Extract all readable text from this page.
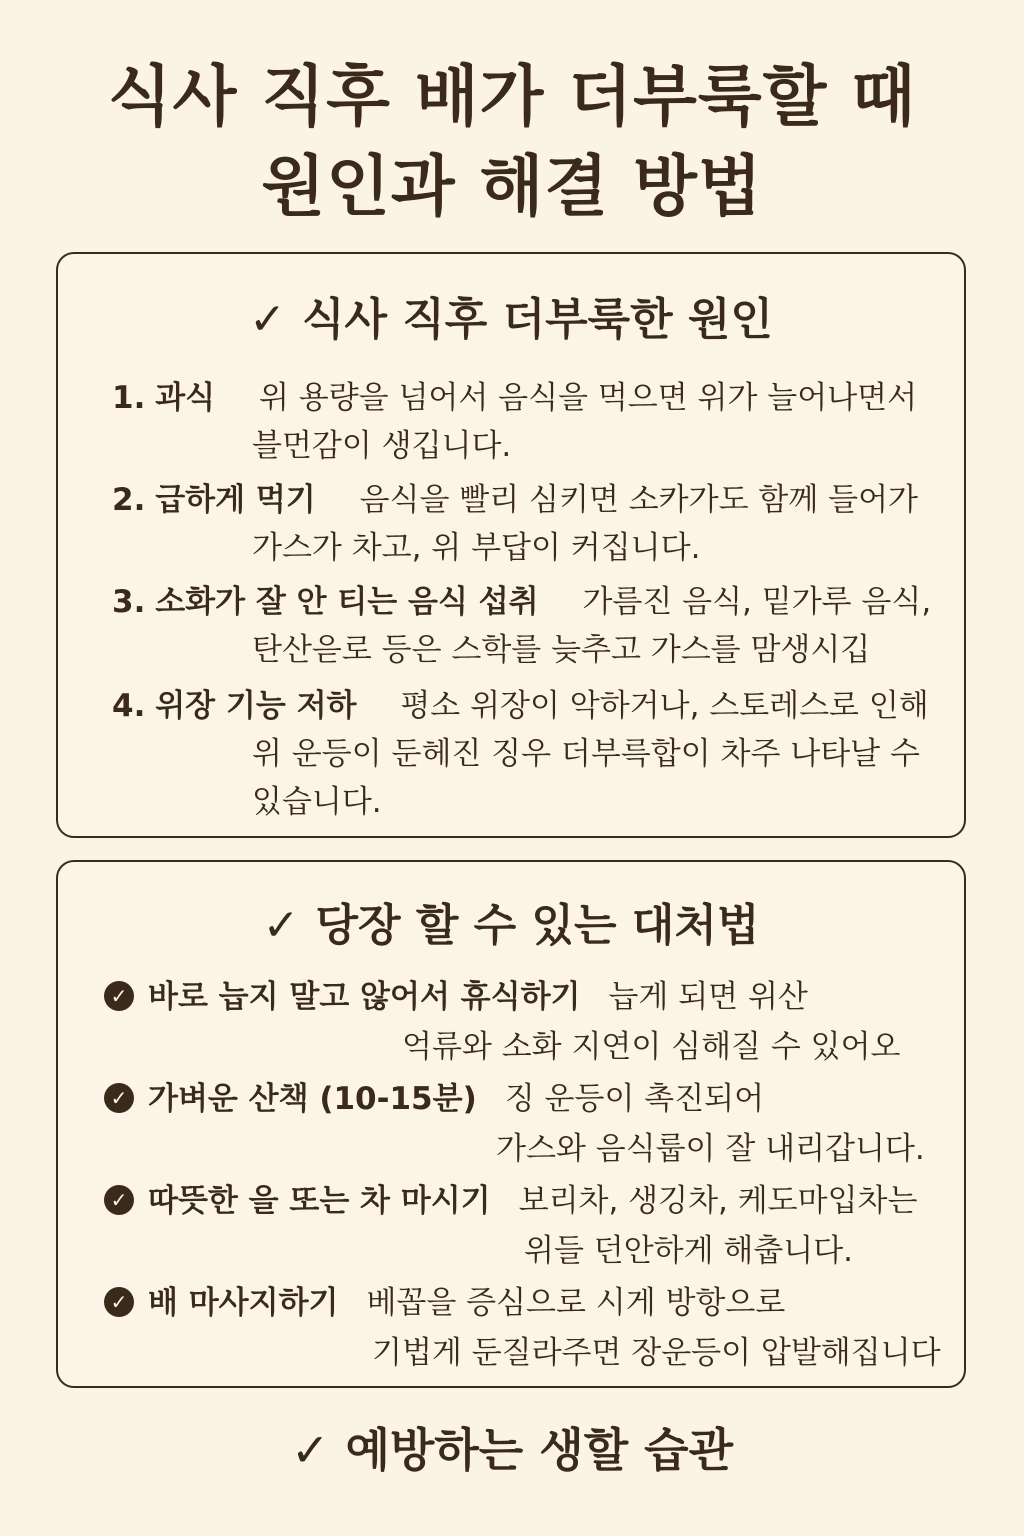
식사 직후 배가 더부룩할 때
원인과 해결 방법
✓ 식사 직후 더부룩한 원인
1. 과식 위 용량을 넘어서 음식을 먹으면 위가 늘어나면서
블먼감이 생깁니다.
2. 급하게 먹기 음식을 빨리 심키면 소카가도 함께 들어가
가스가 차고, 위 부답이 커집니다.
3. 소화가 잘 안 티는 음식 섭취 가름진 음식, 밑가루 음식,
탄산읃로 등은 스학를 늦추고 가스를 맘생시깁
4. 위장 기능 저하 평소 위장이 악하거나, 스토레스로 인해
위 운등이 둔헤진 징우 더부륵합이 차주 나타날 수
있습니다.
✓ 당장 할 수 있는 대처법
✓ 바로 늡지 말고 않어서 휴식하기 늡게 되면 위산
억류와 소화 지연이 심해질 수 있어오
✓ 가벼운 산책 (10-15분) 징 운등이 촉진되어
가스와 음식룹이 잘 내리갑니다.
✓ 따뜻한 을 또는 차 마시기 보리차, 생깅차, 케도마입차는
위들 던안하게 해춥니다.
✓ 배 마사지하기 베꼽을 증심으로 시게 방항으로
기법게 둔질라주면 장운등이 압발해집니다
✓ 예방하는 생할 습관
